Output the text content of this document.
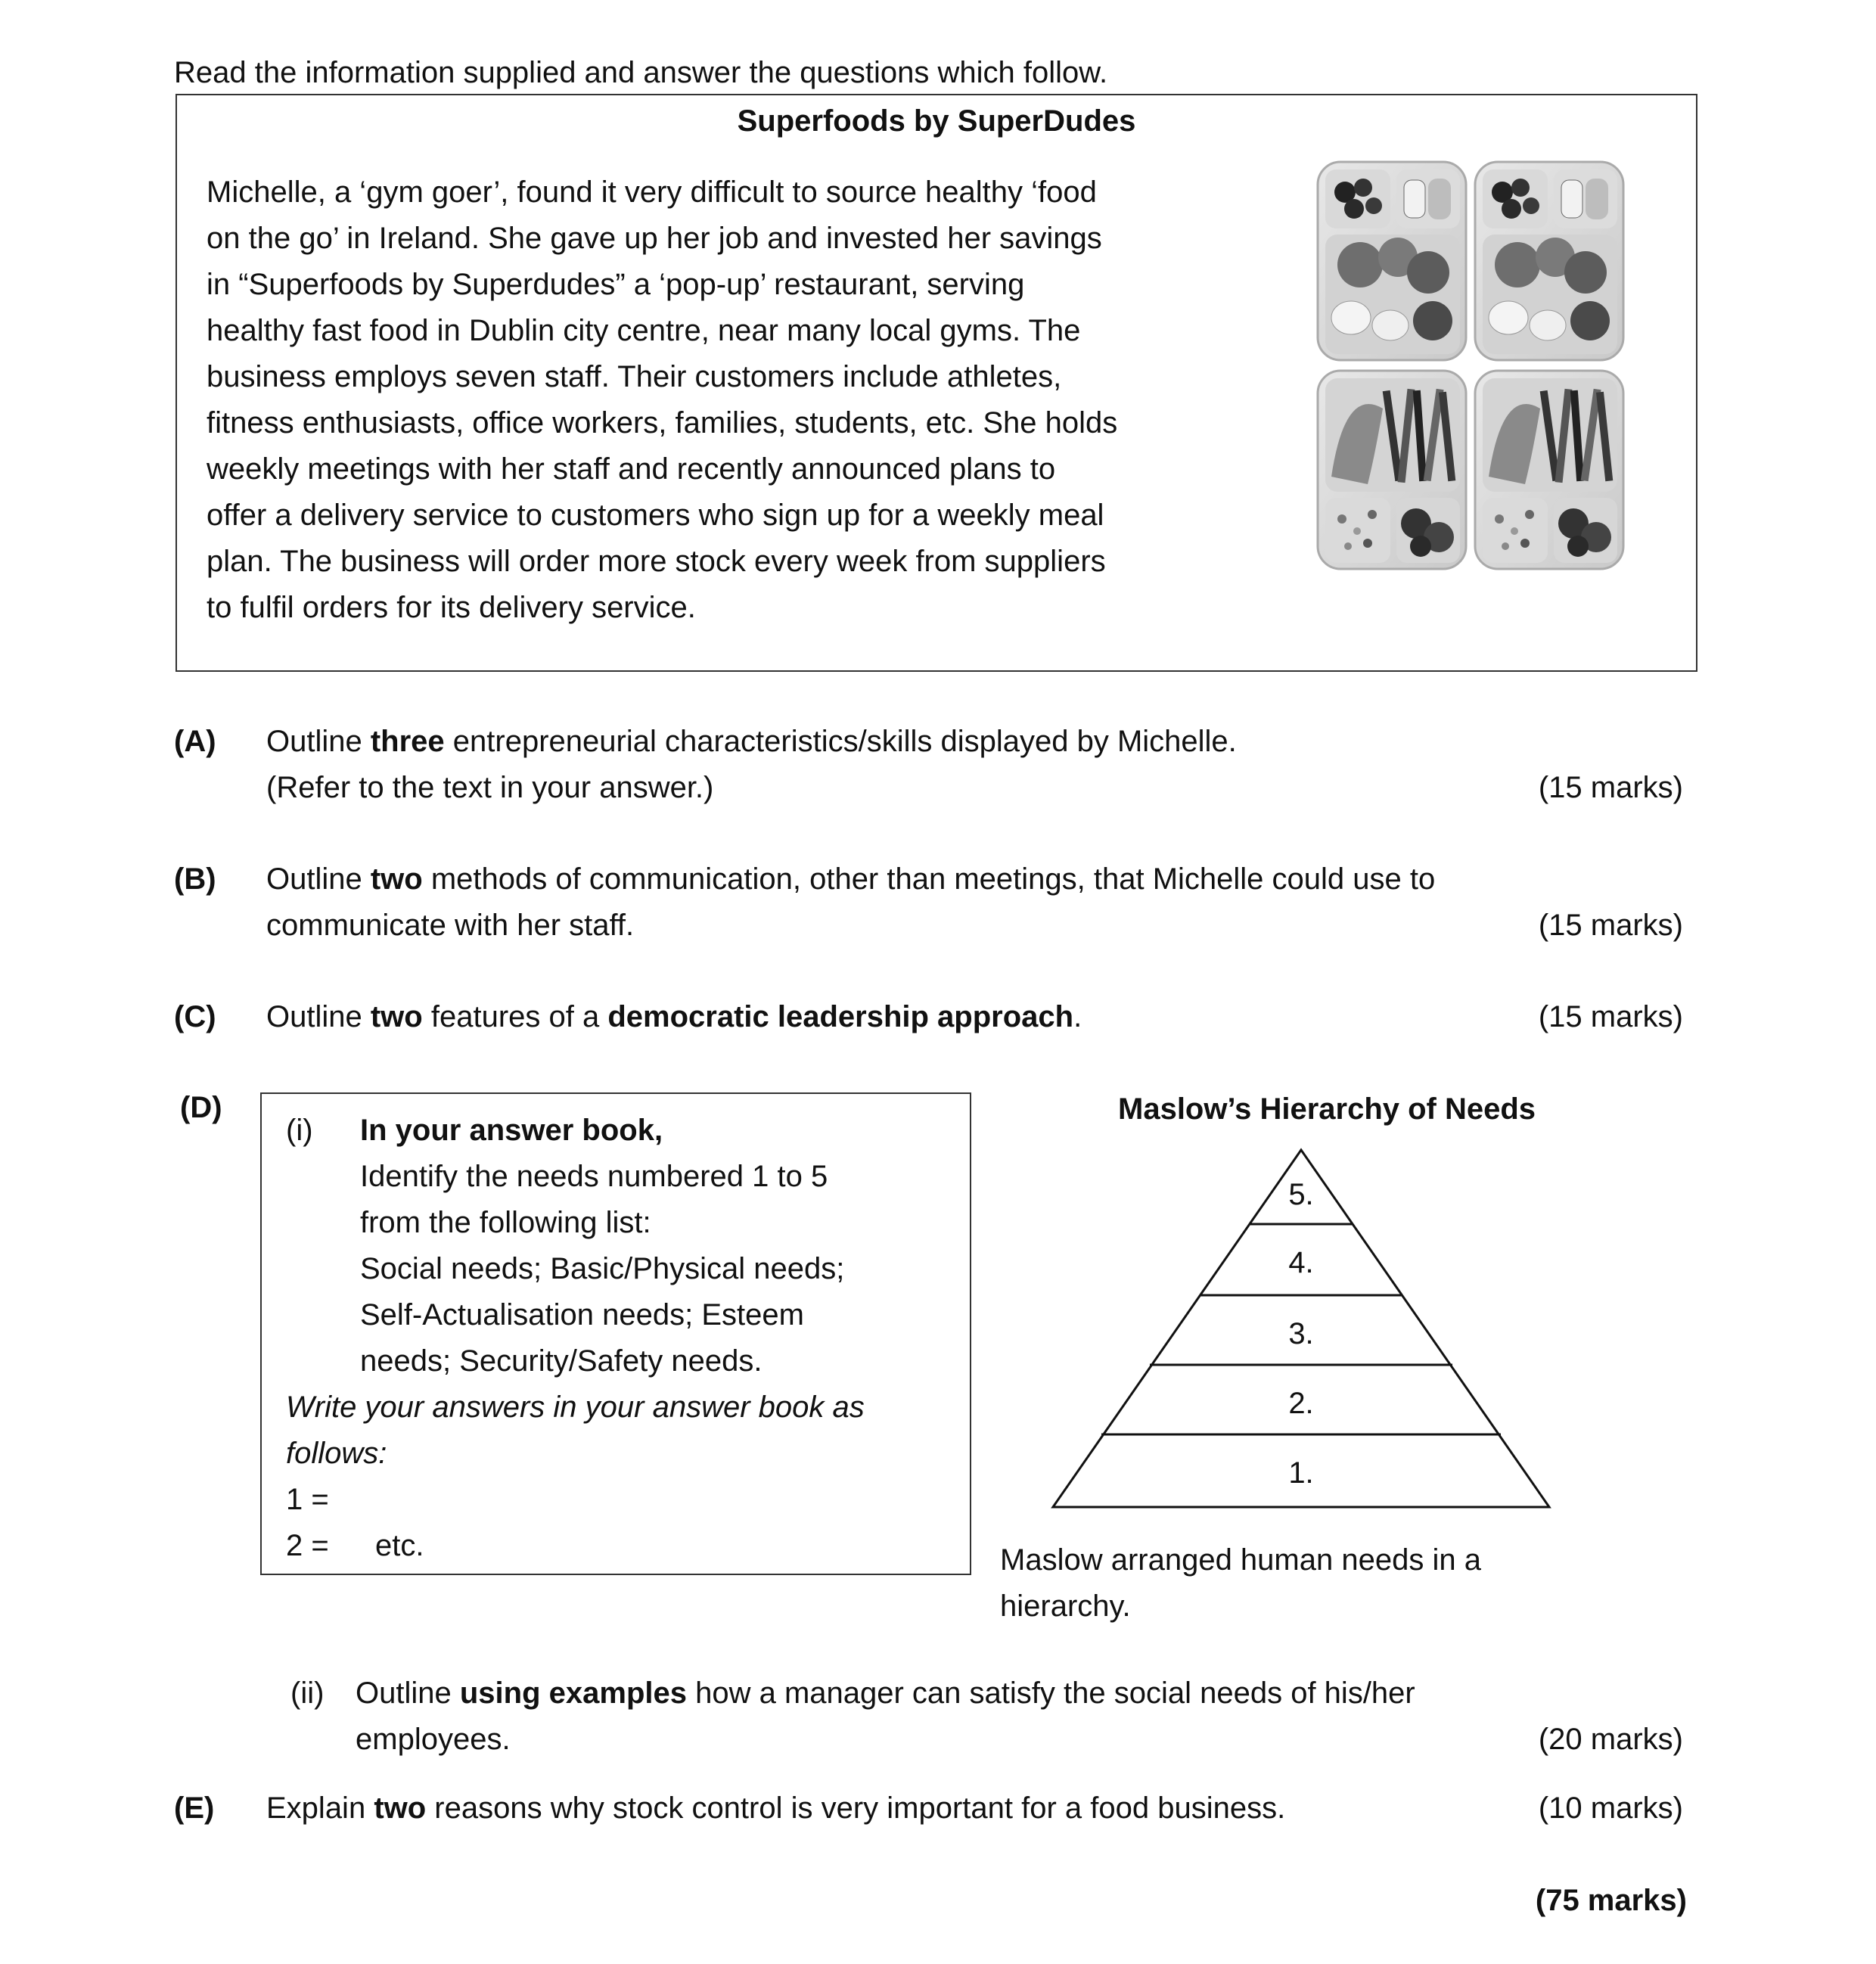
Read the information supplied and answer the questions which follow.
Superfoods by SuperDudes
Michelle, a ‘gym goer’, found it very difficult to source healthy ‘food
on the go’ in Ireland. She gave up her job and invested her savings
in “Superfoods by Superdudes” a ‘pop-up’ restaurant, serving
healthy fast food in Dublin city centre, near many local gyms. The
business employs seven staff. Their customers include athletes,
fitness enthusiasts, office workers, families, students, etc. She holds
weekly meetings with her staff and recently announced plans to
offer a delivery service to customers who sign up for a weekly meal
plan. The business will order more stock every week from suppliers
to fulfil orders for its delivery service.
(A) Outline three entrepreneurial characteristics/skills displayed by Michelle.
(Refer to the text in your answer.)	(15 marks)
(B) Outline two methods of communication, other than meetings, that Michelle could use to
communicate with her staff.	(15 marks)
(C) Outline two features of a democratic leadership approach.	(15 marks)
(D)
(i) In your answer book,
Identify the needs numbered 1 to 5
from the following list:
Social needs; Basic/Physical needs;
Self-Actualisation needs; Esteem
needs; Security/Safety needs.
Write your answers in your answer book as
follows:
1 =
2 = etc.
Maslow’s Hierarchy of Needs
5.
4.
3.
2.
1.
Maslow arranged human needs in a
hierarchy.
(ii) Outline using examples how a manager can satisfy the social needs of his/her
employees.	(20 marks)
(E) Explain two reasons why stock control is very important for a food business.	(10 marks)
(75 marks)
